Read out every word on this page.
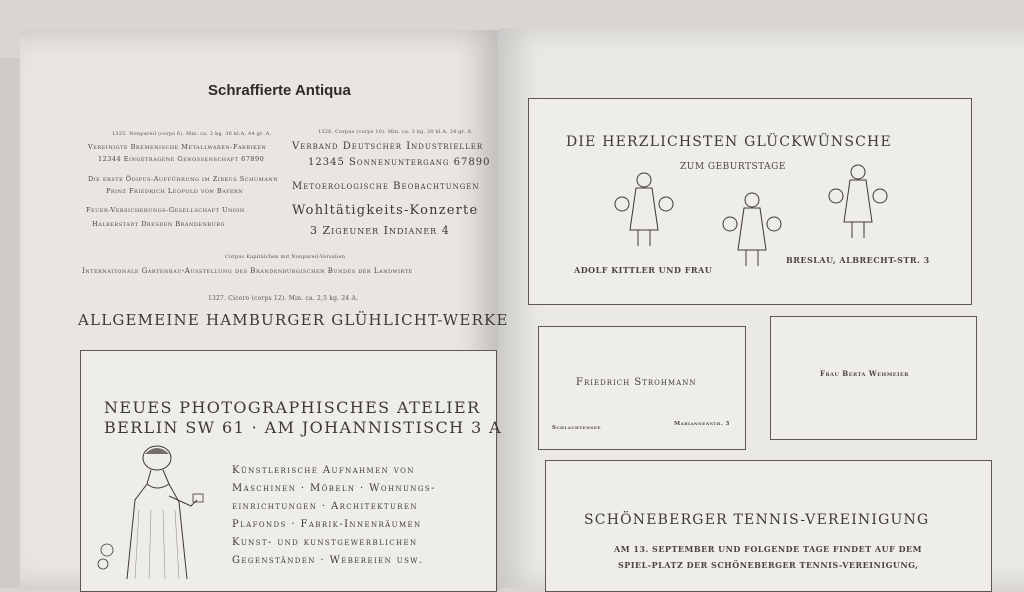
Schraffierte Antiqua
1325. Nonpareil (corps 6). Min. ca. 2 kg. 36 kl.A. 44 gr. A.
Vereinigte Bremenische Metallwaren-Fabriken
12344 Eingetragene Genossenschaft 67890
Die erste Ödipus-Aufführung im Zirkus Schumann
Prinz Friedrich Leopold von Bayern
Feuer-Versicherungs-Gesellschaft Union
Halberstadt Dresden Brandenburg
1326. Corpus (corps 10). Min. ca. 3 kg. 30 kl.A. 24 gr. A.
Verband Deutscher Industrieller
12345 Sonnenuntergang 67890
Metoerologische Beobachtungen
Wohltätigkeits-Konzerte
3 Zigeuner Indianer 4
Corpus Kapitälchen mit Nonpareil-Versalien
Internationale Gartenbau-Ausstellung des Brandenburgischen Bundes der Landwirte
1327. Cicero (corps 12). Min. ca. 2,5 kg. 24 A.
ALLGEMEINE HAMBURGER GLÜHLICHT-WERKE
NEUES PHOTOGRAPHISCHES ATELIER
BERLIN SW 61 · AM JOHANNISTISCH 3 A
Künstlerische Aufnahmen von
Maschinen · Möbeln · Wohnungs-
einrichtungen · Architekturen
Plafonds · Fabrik-Innenräumen
Kunst- und kunstgewerblichen
Gegenständen · Webereien usw.
DIE HERZLICHSTEN GLÜCKWÜNSCHE
ZUM GEBURTSTAGE
ADOLF KITTLER UND FRAU
BRESLAU, ALBRECHT-STR. 3
Friedrich Strohmann
Schlachtensee
Mariannenstr. 3
Frau Berta Wehmeier
SCHÖNEBERGER TENNIS-VEREINIGUNG
AM 13. SEPTEMBER UND FOLGENDE TAGE FINDET AUF DEM
SPIEL-PLATZ DER SCHÖNEBERGER TENNIS-VEREINIGUNG,
